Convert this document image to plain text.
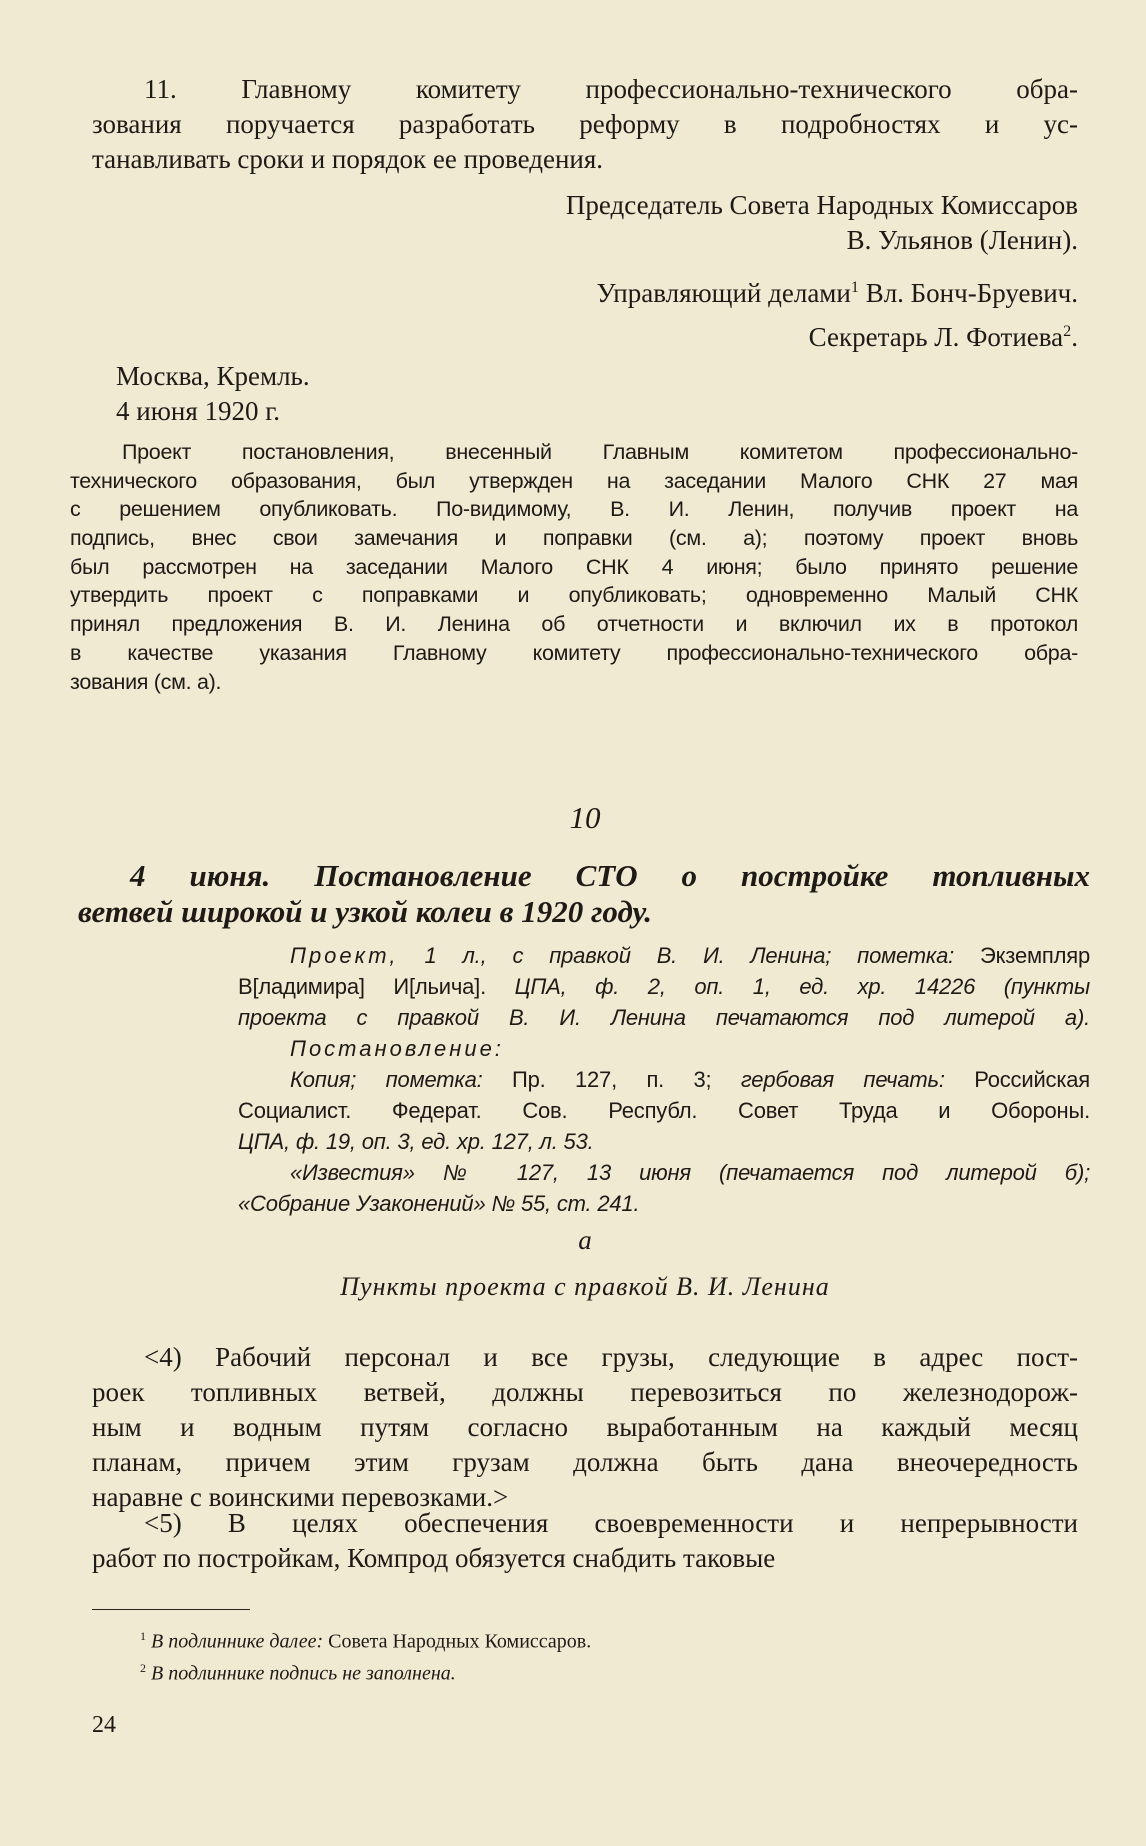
11. Главному комитету профессионально-технического обра-
зования поручается разработать реформу в подробностях и ус-
танавливать сроки и порядок ее проведения.
Председатель Совета Народных Комиссаров
В. Ульянов (Ленин).
Управляющий делами$^1$ Вл. Бонч-Бруевич.
Секретарь Л. Фотиева$^2$.
Москва, Кремль.
4 июня 1920 г.
Проект постановления, внесенный Главным комитетом профессионально-
технического образования, был утвержден на заседании Малого СНК 27 мая
с решением опубликовать. По-видимому, В. И. Ленин, получив проект на
подпись, внес свои замечания и поправки (см. а); поэтому проект вновь
был рассмотрен на заседании Малого СНК 4 июня; было принято решение
утвердить проект с поправками и опубликовать; одновременно Малый СНК
принял предложения В. И. Ленина об отчетности и включил их в протокол
в качестве указания Главному комитету профессионально-технического обра-
зования (см. а).
10
4 июня. Постановление СТО о постройке топливных
ветвей широкой и узкой колеи в 1920 году.
Проект, 1 л., с правкой В. И. Ленина; пометка: Экземпляр
В[ладимира] И[льича]. ЦПА, ф. 2, оп. 1, ед. хр. 14226 (пункты
проекта с правкой В. И. Ленина печатаются под литерой а).
Постановление:
Копия; пометка: Пр. 127, п. 3; гербовая печать: Российская
Социалист. Федерат. Сов. Республ. Совет Труда и Обороны.
ЦПА, ф. 19, оп. 3, ед. хр. 127, л. 53.
«Известия» № 127, 13 июня (печатается под литерой б);
«Собрание Узаконений» № 55, ст. 241.
а
Пункты проекта с правкой В. И. Ленина
<4) Рабочий персонал и все грузы, следующие в адрес пост-
роек топливных ветвей, должны перевозиться по железнодорож-
ным и водным путям согласно выработанным на каждый месяц
планам, причем этим грузам должна быть дана внеочередность
наравне с воинскими перевозками.>
<5) В целях обеспечения своевременности и непрерывности
работ по постройкам, Компрод обязуется снабдить таковые
$^1$ В подлиннике далее: Совета Народных Комиссаров.
$^2$ В подлиннике подпись не заполнена.
24
